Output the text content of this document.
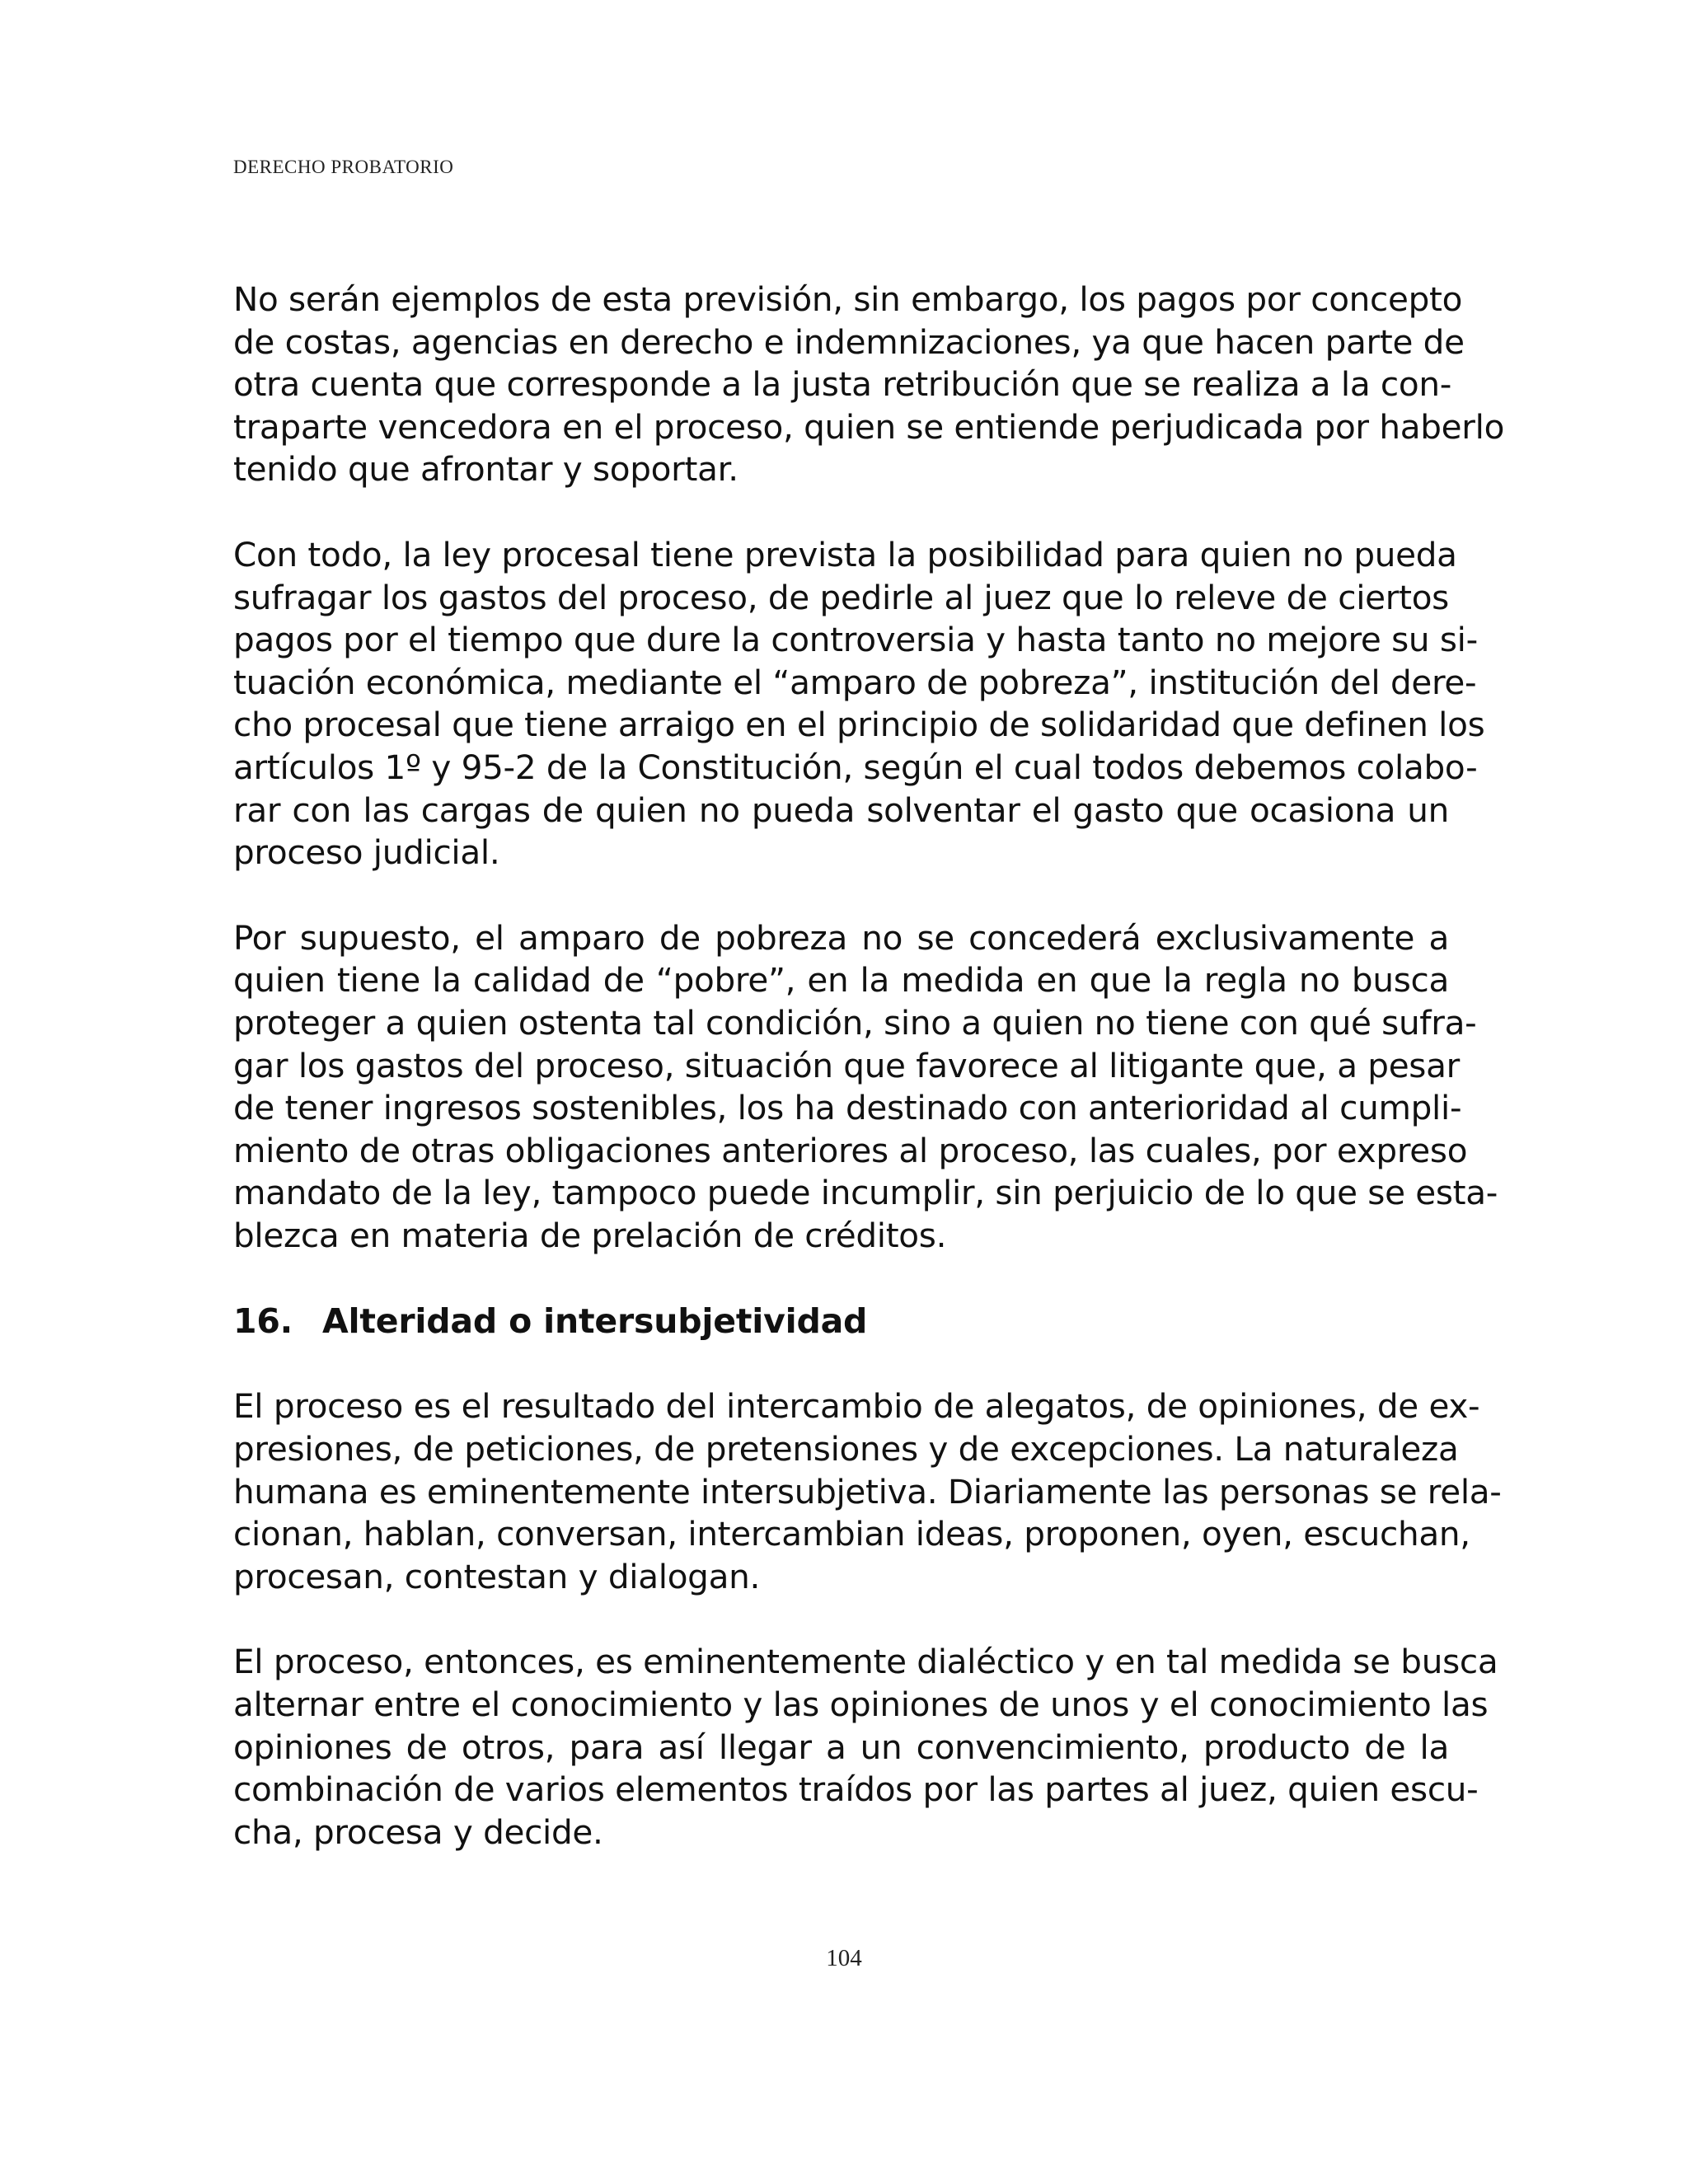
DERECHO PROBATORIO

No serán ejemplos de esta previsión, sin embargo, los pagos por concepto
de costas, agencias en derecho e indemnizaciones, ya que hacen parte de
otra cuenta que corresponde a la justa retribución que se realiza a la con-
traparte vencedora en el proceso, quien se entiende perjudicada por haberlo
tenido que afrontar y soportar.

Con todo, la ley procesal tiene prevista la posibilidad para quien no pueda
sufragar los gastos del proceso, de pedirle al juez que lo releve de ciertos
pagos por el tiempo que dure la controversia y hasta tanto no mejore su si-
tuación económica, mediante el “amparo de pobreza”, institución del dere-
cho procesal que tiene arraigo en el principio de solidaridad que definen los
artículos 1º y 95-2 de la Constitución, según el cual todos debemos colabo-
rar con las cargas de quien no pueda solventar el gasto que ocasiona un
proceso judicial.

Por supuesto, el amparo de pobreza no se concederá exclusivamente a
quien tiene la calidad de “pobre”, en la medida en que la regla no busca
proteger a quien ostenta tal condición, sino a quien no tiene con qué sufra-
gar los gastos del proceso, situación que favorece al litigante que, a pesar
de tener ingresos sostenibles, los ha destinado con anterioridad al cumpli-
miento de otras obligaciones anteriores al proceso, las cuales, por expreso
mandato de la ley, tampoco puede incumplir, sin perjuicio de lo que se esta-
blezca en materia de prelación de créditos.

16. Alteridad o intersubjetividad

El proceso es el resultado del intercambio de alegatos, de opiniones, de ex-
presiones, de peticiones, de pretensiones y de excepciones. La naturaleza
humana es eminentemente intersubjetiva. Diariamente las personas se rela-
cionan, hablan, conversan, intercambian ideas, proponen, oyen, escuchan,
procesan, contestan y dialogan.

El proceso, entonces, es eminentemente dialéctico y en tal medida se busca
alternar entre el conocimiento y las opiniones de unos y el conocimiento las
opiniones de otros, para así llegar a un convencimiento, producto de la
combinación de varios elementos traídos por las partes al juez, quien escu-
cha, procesa y decide.

104
